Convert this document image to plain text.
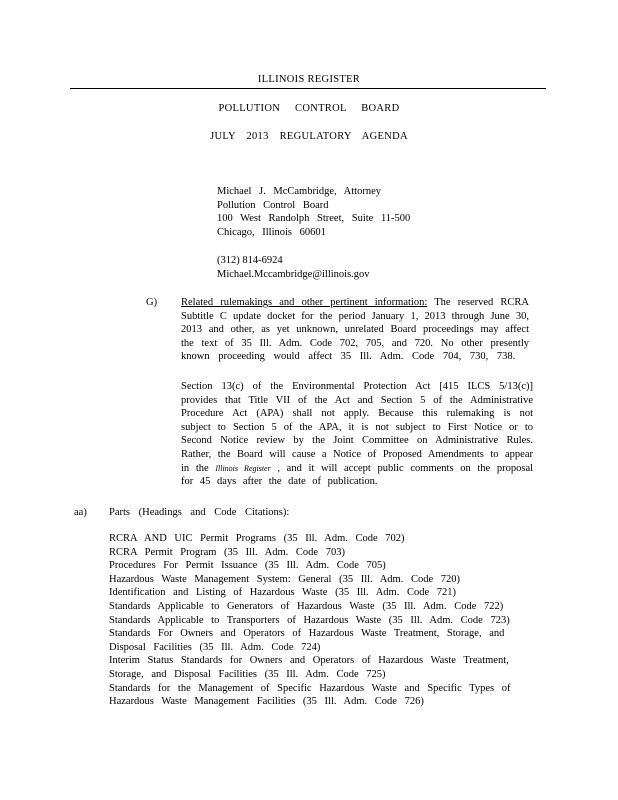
ILLINOIS REGISTER
POLLUTION CONTROL BOARD
JULY 2013 REGULATORY AGENDA
Michael J. McCambridge, Attorney
Pollution Control Board
100 West Randolph Street, Suite 11-500
Chicago, Illinois 60601
(312) 814-6924
Michael.Mccambridge@illinois.gov
G) Related rulemakings and other pertinent information: The reserved RCRA
Subtitle C update docket for the period January 1, 2013 through June 30,
2013 and other, as yet unknown, unrelated Board proceedings may affect
the text of 35 Ill. Adm. Code 702, 705, and 720. No other presently
known proceeding would affect 35 Ill. Adm. Code 704, 730, 738.
Section 13(c) of the Environmental Protection Act [415 ILCS 5/13(c)]
provides that Title VII of the Act and Section 5 of the Administrative
Procedure Act (APA) shall not apply. Because this rulemaking is not
subject to Section 5 of the APA, it is not subject to First Notice or to
Second Notice review by the Joint Committee on Administrative Rules.
Rather, the Board will cause a Notice of Proposed Amendments to appear
in the Illinois Register , and it will accept public comments on the proposal
for 45 days after the date of publication.
aa) Parts (Headings and Code Citations):
RCRA AND UIC Permit Programs (35 Ill. Adm. Code 702)
RCRA Permit Program (35 Ill. Adm. Code 703)
Procedures For Permit Issuance (35 Ill. Adm. Code 705)
Hazardous Waste Management System: General (35 Ill. Adm. Code 720)
Identification and Listing of Hazardous Waste (35 Ill. Adm. Code 721)
Standards Applicable to Generators of Hazardous Waste (35 Ill. Adm. Code 722)
Standards Applicable to Transporters of Hazardous Waste (35 Ill. Adm. Code 723)
Standards For Owners and Operators of Hazardous Waste Treatment, Storage, and
Disposal Facilities (35 Ill. Adm. Code 724)
Interim Status Standards for Owners and Operators of Hazardous Waste Treatment,
Storage, and Disposal Facilities (35 Ill. Adm. Code 725)
Standards for the Management of Specific Hazardous Waste and Specific Types of
Hazardous Waste Management Facilities (35 Ill. Adm. Code 726)
